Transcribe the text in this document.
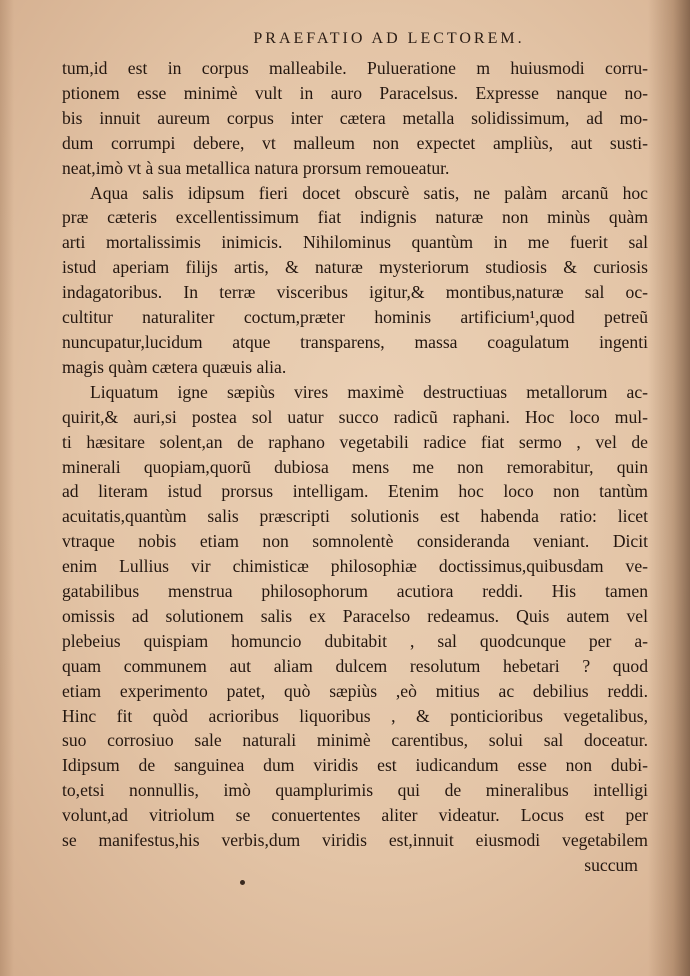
PRAEFATIO AD LECTOREM.
tum,id est in corpus malleabile. Pulueratione m huiusmodi corru-
ptionem esse minimè vult in auro Paracelsus. Expresse nanque no-
bis innuit aureum corpus inter cætera metalla solidissimum, ad mo-
dum corrumpi debere, vt malleum non expectet ampliùs, aut susti-
neat,imò vt à sua metallica natura prorsum remoueatur.
Aqua salis idipsum fieri docet obscurè satis, ne palàm arcanũ hoc
præ cæteris excellentissimum fiat indignis naturæ non minùs quàm
arti mortalissimis inimicis. Nihilominus quantùm in me fuerit sal
istud aperiam filijs artis, & naturæ mysteriorum studiosis & curiosis
indagatoribus. In terræ visceribus igitur,& montibus,naturæ sal oc-
cultitur naturaliter coctum,præter hominis artificium¹,quod petreũ
nuncupatur,lucidum atque transparens, massa coagulatum ingenti
magis quàm cætera quæuis alia.
Liquatum igne sæpiùs vires maximè destructiuas metallorum ac-
quirit,& auri,si postea sol uatur succo radicũ raphani. Hoc loco mul-
ti hæsitare solent,an de raphano vegetabili radice fiat sermo , vel de
minerali quopiam,quorũ dubiosa mens me non remorabitur, quin
ad literam istud prorsus intelligam. Etenim hoc loco non tantùm
acuitatis,quantùm salis præscripti solutionis est habenda ratio: licet
vtraque nobis etiam non somnolentè consideranda veniant. Dicit
enim Lullius vir chimisticæ philosophiæ doctissimus,quibusdam ve-
gatabilibus menstrua philosophorum acutiora reddi. His tamen
omissis ad solutionem salis ex Paracelso redeamus. Quis autem vel
plebeius quispiam homuncio dubitabit , sal quodcunque per a-
quam communem aut aliam dulcem resolutum hebetari ? quod
etiam experimento patet, quò sæpiùs ,eò mitius ac debilius reddi.
Hinc fit quòd acrioribus liquoribus , & ponticioribus vegetalibus,
suo corrosiuo sale naturali minimè carentibus, solui sal doceatur.
Idipsum de sanguinea dum viridis est iudicandum esse non dubi-
to,etsi nonnullis, imò quamplurimis qui de mineralibus intelligi
volunt,ad vitriolum se conuertentes aliter videatur. Locus est per
se manifestus,his verbis,dum viridis est,innuit eiusmodi vegetabilem
succum
